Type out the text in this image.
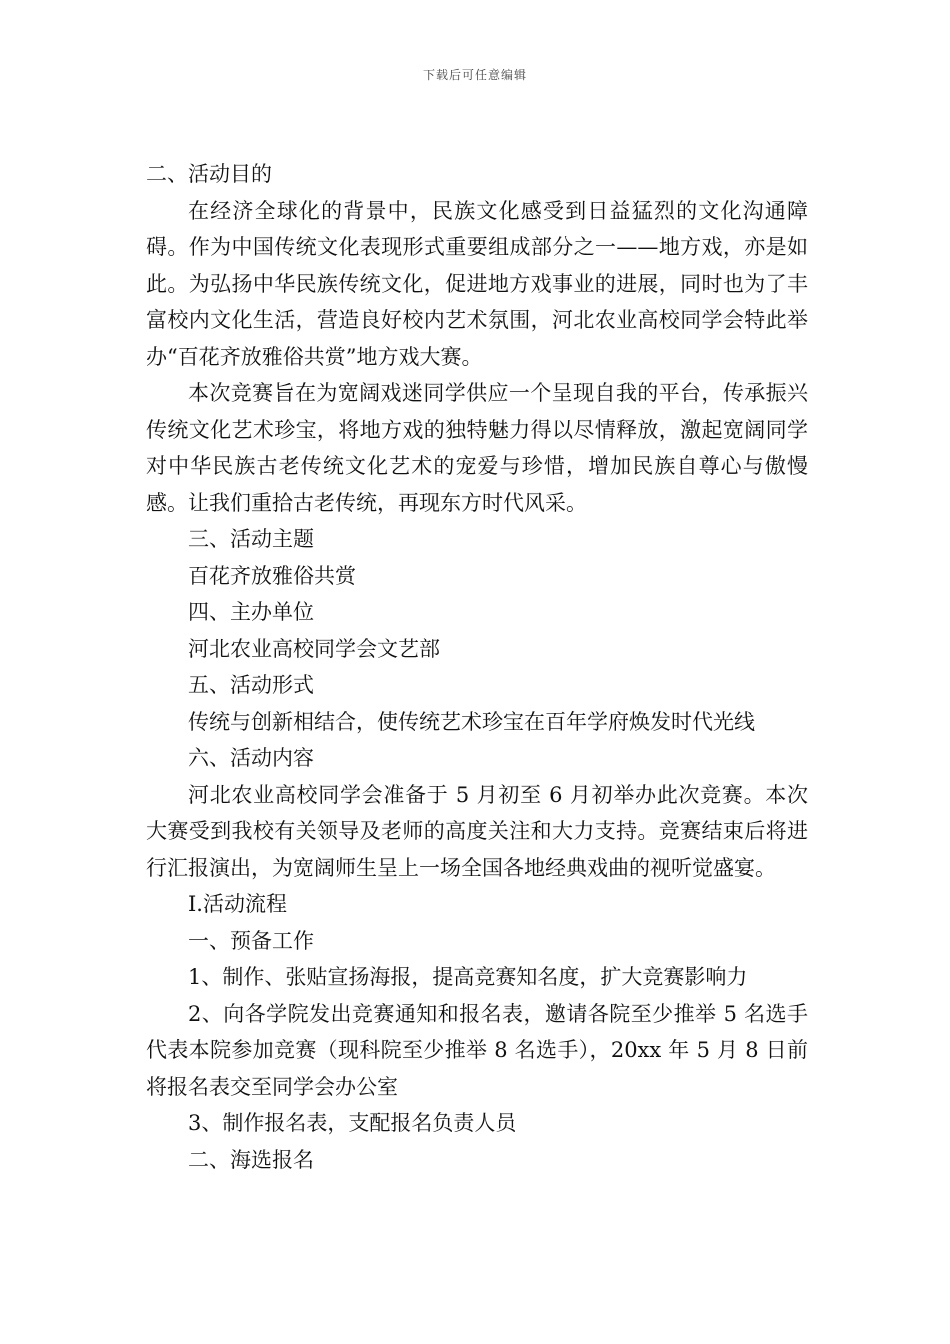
下载后可任意编辑

二、活动目的

在经济全球化的背景中，民族文化感受到日益猛烈的文化沟通障碍。作为中国传统文化表现形式重要组成部分之一——地方戏，亦是如此。为弘扬中华民族传统文化，促进地方戏事业的进展，同时也为了丰富校内文化生活，营造良好校内艺术氛围，河北农业高校同学会特此举办“百花齐放雅俗共赏”地方戏大赛。

本次竞赛旨在为宽阔戏迷同学供应一个呈现自我的平台，传承振兴传统文化艺术珍宝，将地方戏的独特魅力得以尽情释放，激起宽阔同学对中华民族古老传统文化艺术的宠爱与珍惜，增加民族自尊心与傲慢感。让我们重拾古老传统，再现东方时代风采。

三、活动主题

百花齐放雅俗共赏

四、主办单位

河北农业高校同学会文艺部

五、活动形式

传统与创新相结合，使传统艺术珍宝在百年学府焕发时代光线

六、活动内容

河北农业高校同学会准备于 5 月初至 6 月初举办此次竞赛。本次大赛受到我校有关领导及老师的高度关注和大力支持。竞赛结束后将进行汇报演出，为宽阔师生呈上一场全国各地经典戏曲的视听觉盛宴。

Ⅰ.活动流程

一、预备工作

1、制作、张贴宣扬海报，提高竞赛知名度，扩大竞赛影响力

2、向各学院发出竞赛通知和报名表，邀请各院至少推举 5 名选手代表本院参加竞赛（现科院至少推举 8 名选手），20xx 年 5 月 8 日前将报名表交至同学会办公室

3、制作报名表，支配报名负责人员

二、海选报名
